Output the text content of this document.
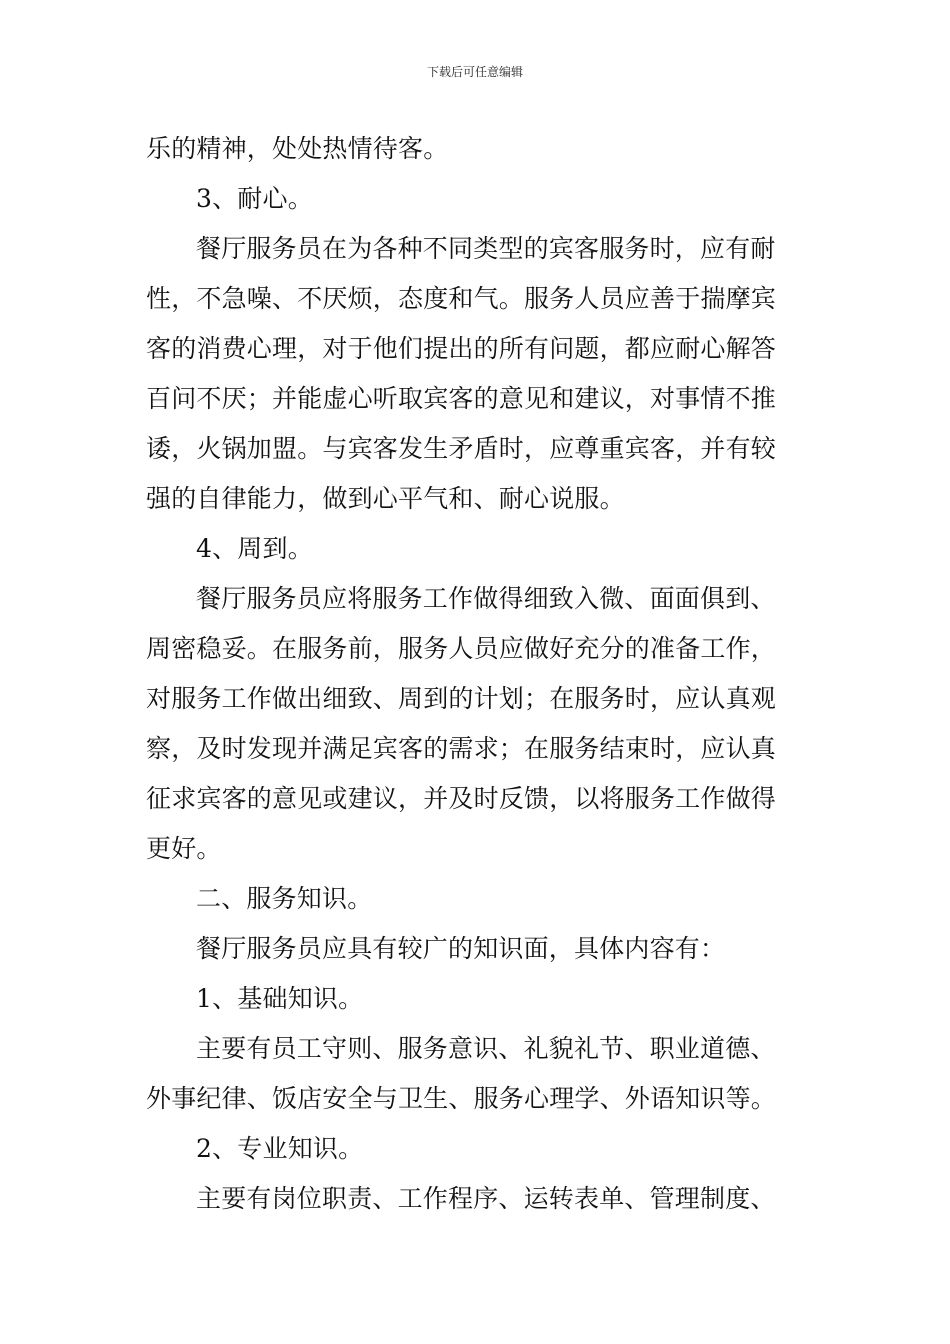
下载后可任意编辑

乐的精神，处处热情待客。

3、耐心。

餐厅服务员在为各种不同类型的宾客服务时，应有耐

性，不急噪、不厌烦，态度和气。服务人员应善于揣摩宾

客的消费心理，对于他们提出的所有问题，都应耐心解答

百问不厌；并能虚心听取宾客的意见和建议，对事情不推

诿，火锅加盟。与宾客发生矛盾时，应尊重宾客，并有较

强的自律能力，做到心平气和、耐心说服。

4、周到。

餐厅服务员应将服务工作做得细致入微、面面俱到、

周密稳妥。在服务前，服务人员应做好充分的准备工作，

对服务工作做出细致、周到的计划；在服务时，应认真观

察，及时发现并满足宾客的需求；在服务结束时，应认真

征求宾客的意见或建议，并及时反馈，以将服务工作做得

更好。

二、服务知识。

餐厅服务员应具有较广的知识面，具体内容有：

1、基础知识。

主要有员工守则、服务意识、礼貌礼节、职业道德、

外事纪律、饭店安全与卫生、服务心理学、外语知识等。

2、专业知识。

主要有岗位职责、工作程序、运转表单、管理制度、
